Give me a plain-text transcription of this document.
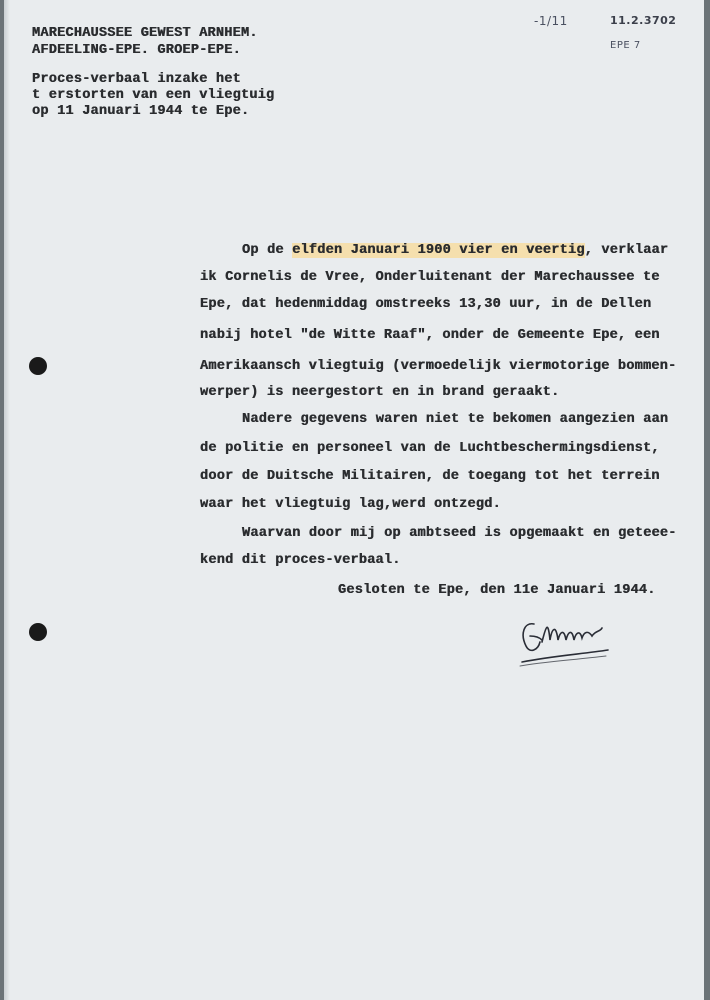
-1/11	11.2.3702
EPE 7
MARECHAUSSEE GEWEST ARNHEM.
AFDEELING-EPE. GROEP-EPE.
Proces-verbaal inzake het
t erstorten van een vliegtuig
op 11 Januari 1944 te Epe.
Op de elfden Januari 1900 vier en veertig, verklaar
ik Cornelis de Vree, Onderluitenant der Marechaussee te
Epe, dat hedenmiddag omstreeks 13,30 uur, in de Dellen
nabij hotel "de Witte Raaf", onder de Gemeente Epe, een
Amerikaansch vliegtuig (vermoedelijk viermotorige bommen-
werper) is neergestort en in brand geraakt.
Nadere gegevens waren niet te bekomen aangezien aan
de politie en personeel van de Luchtbeschermingsdienst,
door de Duitsche Militairen, de toegang tot het terrein
waar het vliegtuig lag,werd ontzegd.
Waarvan door mij op ambtseed is opgemaakt en geteee-
kend dit proces-verbaal.
Gesloten te Epe, den 11e Januari 1944.
